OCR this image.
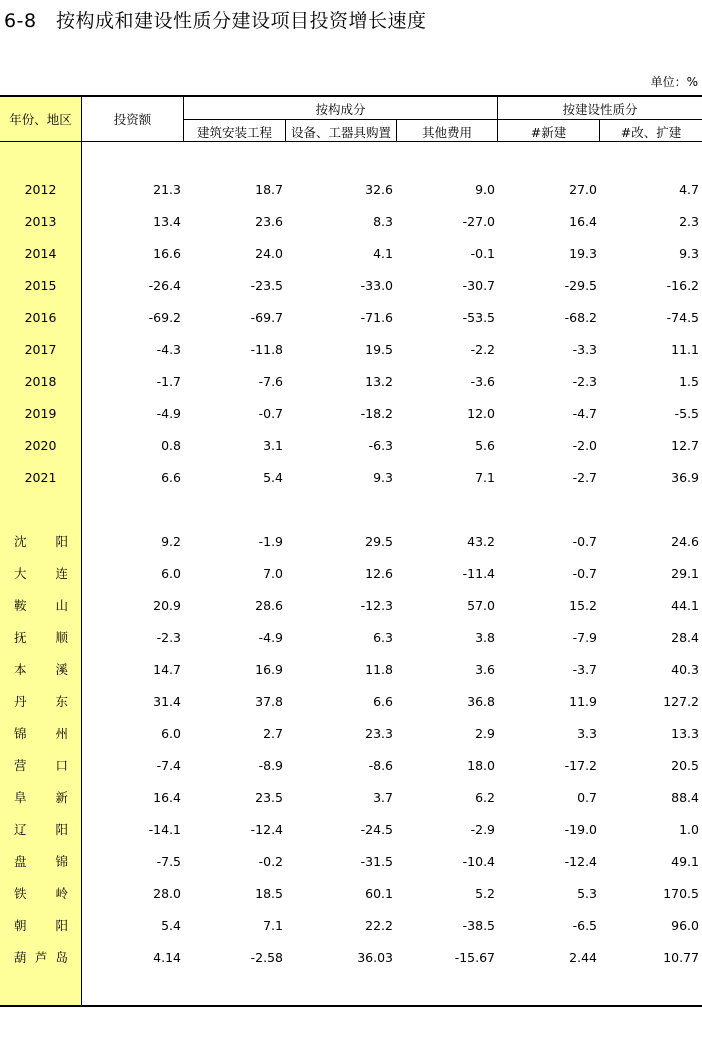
6-8　按构成和建设性质分建设项目投资增长速度
单位：%
年份、地区	投资额
按构成分	按建设性质分
建筑安装工程	设备、工器具购置	其他费用	#新建	#改、扩建
2012	21.3	18.7	32.6	9.0	27.0	4.7
2013	13.4	23.6	8.3	-27.0	16.4	2.3
2014	16.6	24.0	4.1	-0.1	19.3	9.3
2015	-26.4	-23.5	-33.0	-30.7	-29.5	-16.2
2016	-69.2	-69.7	-71.6	-53.5	-68.2	-74.5
2017	-4.3	-11.8	19.5	-2.2	-3.3	11.1
2018	-1.7	-7.6	13.2	-3.6	-2.3	1.5
2019	-4.9	-0.7	-18.2	12.0	-4.7	-5.5
2020	0.8	3.1	-6.3	5.6	-2.0	12.7
2021	6.6	5.4	9.3	7.1	-2.7	36.9
沈 阳	9.2	-1.9	29.5	43.2	-0.7	24.6
大 连	6.0	7.0	12.6	-11.4	-0.7	29.1
鞍 山	20.9	28.6	-12.3	57.0	15.2	44.1
抚 顺	-2.3	-4.9	6.3	3.8	-7.9	28.4
本 溪	14.7	16.9	11.8	3.6	-3.7	40.3
丹 东	31.4	37.8	6.6	36.8	11.9	127.2
锦 州	6.0	2.7	23.3	2.9	3.3	13.3
营 口	-7.4	-8.9	-8.6	18.0	-17.2	20.5
阜 新	16.4	23.5	3.7	6.2	0.7	88.4
辽 阳	-14.1	-12.4	-24.5	-2.9	-19.0	1.0
盘 锦	-7.5	-0.2	-31.5	-10.4	-12.4	49.1
铁 岭	28.0	18.5	60.1	5.2	5.3	170.5
朝 阳	5.4	7.1	22.2	-38.5	-6.5	96.0
葫 芦 岛	4.14	-2.58	36.03	-15.67	2.44	10.77
